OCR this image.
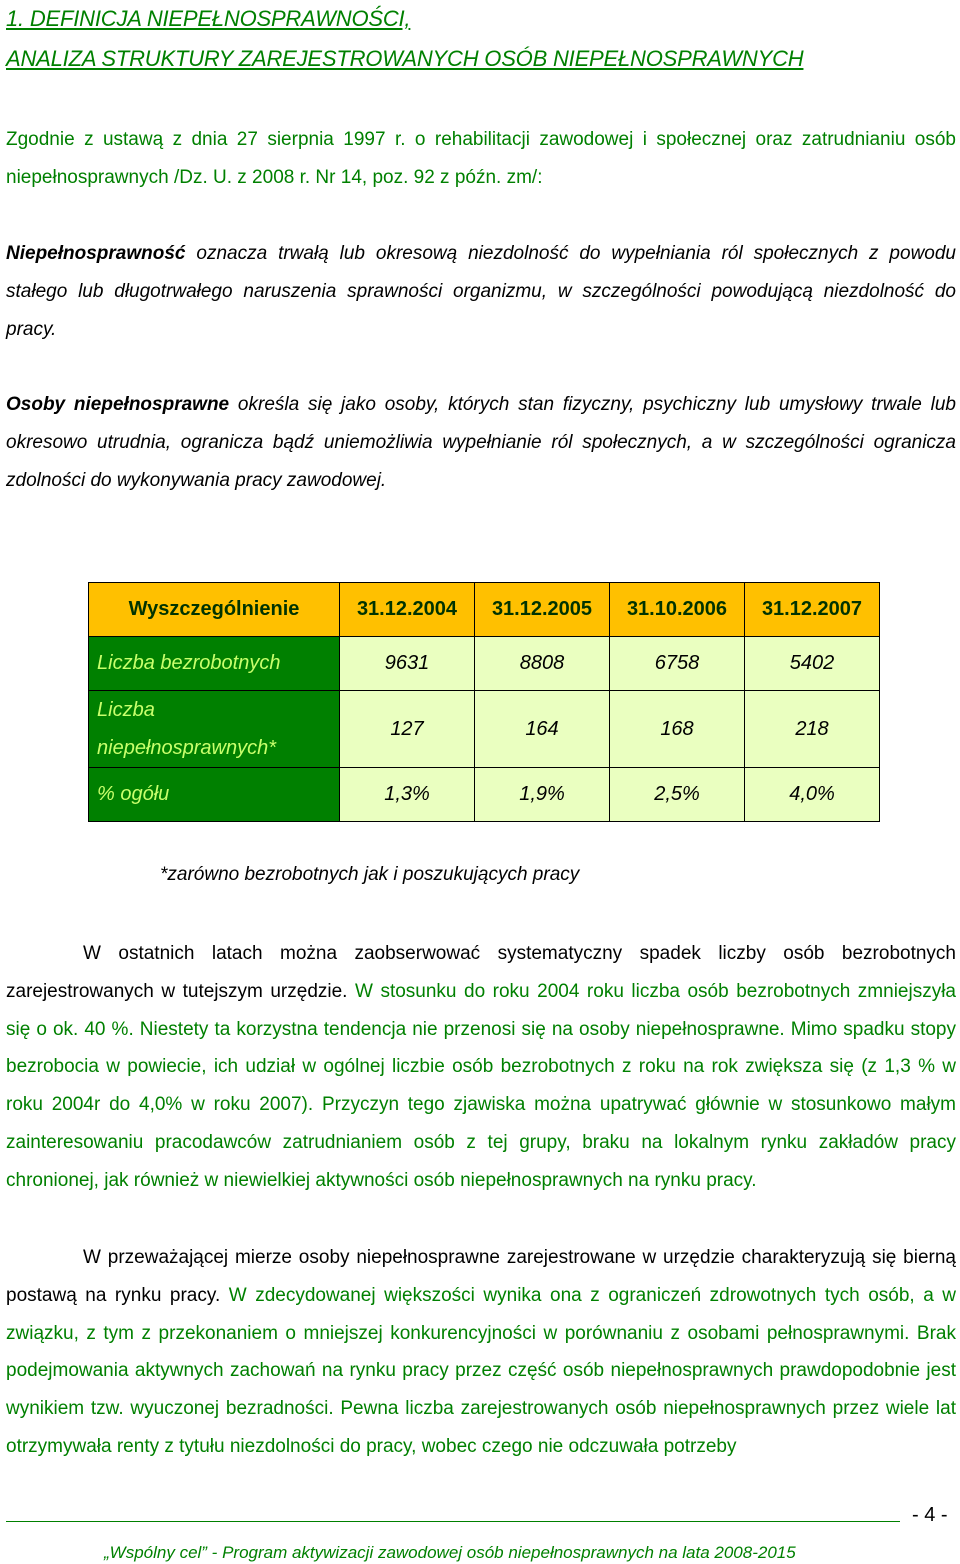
1. DEFINICJA NIEPEŁNOSPRAWNOŚCI,
ANALIZA STRUKTURY ZAREJESTROWANYCH OSÓB NIEPEŁNOSPRAWNYCH
Zgodnie z ustawą z dnia 27 sierpnia 1997 r. o rehabilitacji zawodowej i społecznej oraz zatrudnianiu osób niepełnosprawnych /Dz. U. z 2008 r. Nr 14, poz. 92 z późn. zm/:
Niepełnosprawność oznacza trwałą lub okresową niezdolność do wypełniania ról społecznych z powodu stałego lub długotrwałego naruszenia sprawności organizmu, w szczególności powodującą niezdolność do pracy.
Osoby niepełnosprawne określa się jako osoby, których stan fizyczny, psychiczny lub umysłowy trwale lub okresowo utrudnia, ogranicza bądź uniemożliwia wypełnianie ról społecznych, a w szczególności ogranicza zdolności do wykonywania pracy zawodowej.
Wyszczególnienie	31.12.2004	31.12.2005	31.10.2006	31.12.2007
Liczba bezrobotnych	9631	8808	6758	5402

Liczba
niepełnosprawnych*	127	164	168	218
% ogółu	1,3%	1,9%	2,5%	4,0%
*zarówno bezrobotnych jak i poszukujących pracy
W ostatnich latach można zaobserwować systematyczny spadek liczby osób bezrobotnych zarejestrowanych w tutejszym urzędzie. W stosunku do roku 2004 roku liczba osób bezrobotnych zmniejszyła się o ok. 40 %. Niestety ta korzystna tendencja nie przenosi się na osoby niepełnosprawne. Mimo spadku stopy bezrobocia w powiecie, ich udział w ogólnej liczbie osób bezrobotnych z roku na rok zwiększa się (z 1,3 % w roku 2004r do 4,0% w roku 2007). Przyczyn tego zjawiska można upatrywać głównie w stosunkowo małym zainteresowaniu pracodawców zatrudnianiem osób z tej grupy, braku na lokalnym rynku zakładów pracy chronionej, jak również w niewielkiej aktywności osób niepełnosprawnych na rynku pracy.
W przeważającej mierze osoby niepełnosprawne zarejestrowane w urzędzie charakteryzują się bierną postawą na rynku pracy. W zdecydowanej większości wynika ona z ograniczeń zdrowotnych tych osób, a w związku, z tym z przekonaniem o mniejszej konkurencyjności w porównaniu z osobami pełnosprawnymi. Brak podejmowania aktywnych zachowań na rynku pracy przez część osób niepełnosprawnych prawdopodobnie jest wynikiem tzw. wyuczonej bezradności. Pewna liczba zarejestrowanych osób niepełnosprawnych przez wiele lat otrzymywała renty z tytułu niezdolności do pracy, wobec czego nie odczuwała potrzeby
- 4 -
„Wspólny cel” - Program aktywizacji zawodowej osób niepełnosprawnych na lata 2008-2015
